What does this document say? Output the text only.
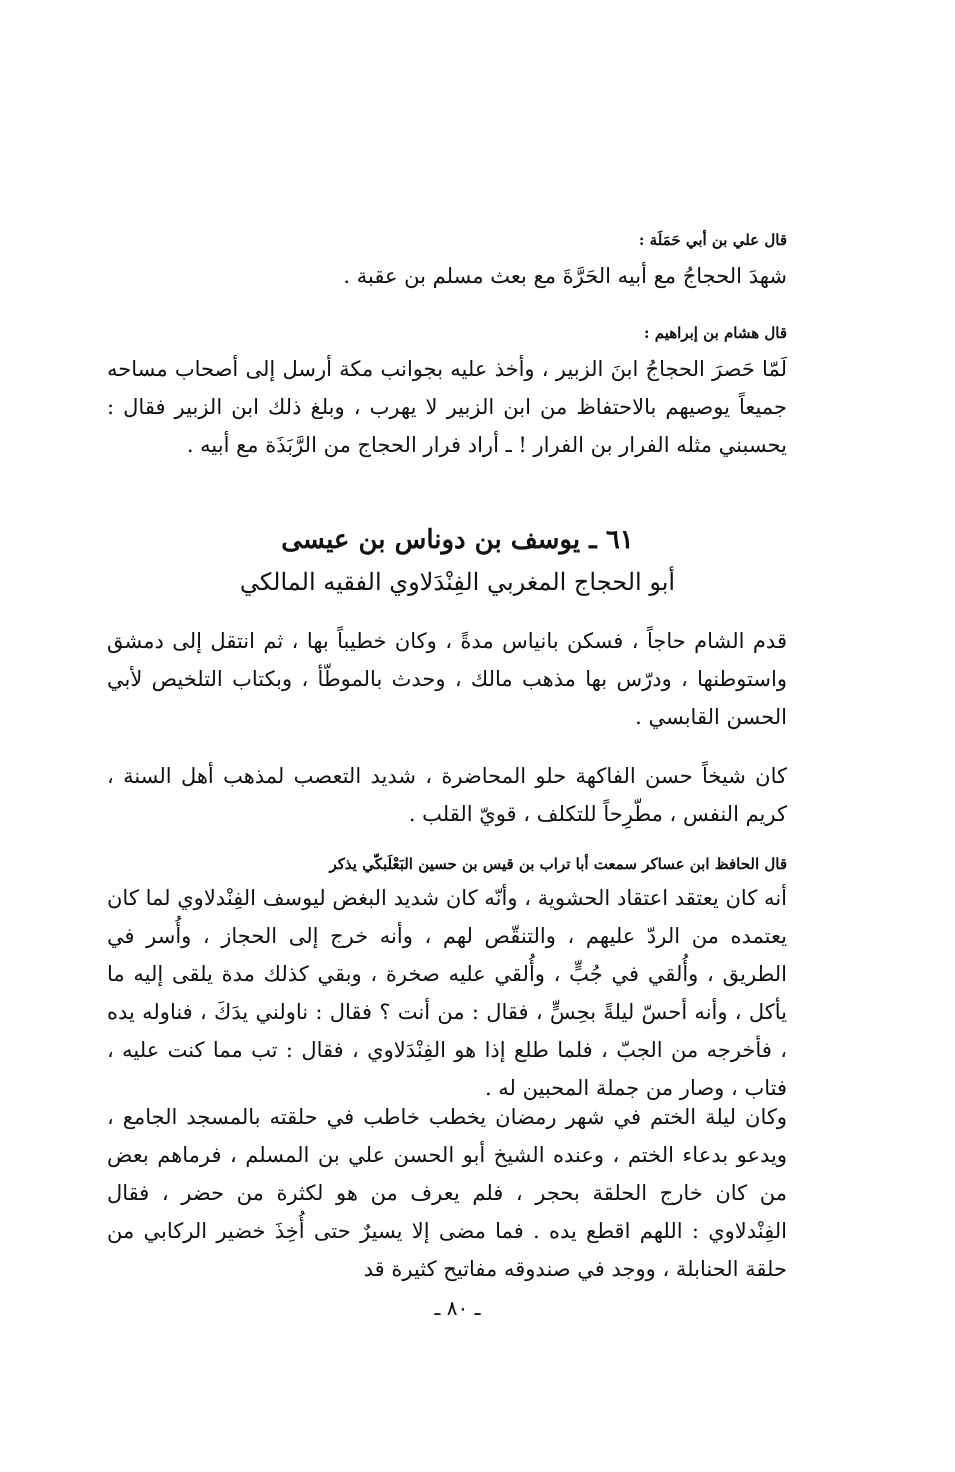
قال علي بن أبي حَمَلَة :

شهدَ الحجاجُ مع أبيه الحَرَّةَ مع بعث مسلم بن عقبة .

قال هشام بن إبراهيم :

لَمّا حَصرَ الحجاجُ ابنَ الزبير ، وأخذ عليه بجوانب مكة أرسل إلى أصحاب مساحه جميعاً يوصيهم بالاحتفاظ من ابن الزبير لا يهرب ، وبلغ ذلك ابن الزبير فقال : يحسبني مثله الفرار بن الفرار ! ـ أراد فرار الحجاج من الرَّبَذَة مع أبيه .

٦١ ـ يوسف بن دوناس بن عيسى
أبو الحجاج المغربي الفِنْدَلاوي الفقيه المالكي

قدم الشام حاجاً ، فسكن بانياس مدةً ، وكان خطيباً بها ، ثم انتقل إلى دمشق واستوطنها ، ودرّس بها مذهب مالك ، وحدث بالموطّأ ، وبكتاب التلخيص لأبي الحسن القابسي .

كان شيخاً حسن الفاكهة حلو المحاضرة ، شديد التعصب لمذهب أهل السنة ، كريم النفس ، مطّرِحاً للتكلف ، قويّ القلب .

قال الحافظ ابن عساكر سمعت أبا تراب بن قيس بن حسين البَعْلَبكّي يذكر

أنه كان يعتقد اعتقاد الحشوية ، وأنّه كان شديد البغض ليوسف الفِنْدلاوي لما كان يعتمده من الردّ عليهم ، والتنقّص لهم ، وأنه خرج إلى الحجاز ، وأُسر في الطريق ، وأُلقي في جُبٍّ ، وأُلقي عليه صخرة ، وبقي كذلك مدة يلقى إليه ما يأكل ، وأنه أحسّ ليلةً بحِسٍّ ، فقال : من أنت ؟ فقال : ناولني يدَكَ ، فناوله يده ، فأخرجه من الجبّ ، فلما طلع إذا هو الفِنْدَلاوي ، فقال : تب مما كنت عليه ، فتاب ، وصار من جملة المحبين له .

وكان ليلة الختم في شهر رمضان يخطب خاطب في حلقته بالمسجد الجامع ، ويدعو بدعاء الختم ، وعنده الشيخ أبو الحسن علي بن المسلم ، فرماهم بعض من كان خارج الحلقة بحجر ، فلم يعرف من هو لكثرة من حضر ، فقال الفِنْدلاوي : اللهم اقطع يده . فما مضى إلا يسيرٌ حتى أُخِذَ خضير الركابي من حلقة الحنابلة ، ووجد في صندوقه مفاتيح كثيرة قد

ـ ٨٠ ـ
